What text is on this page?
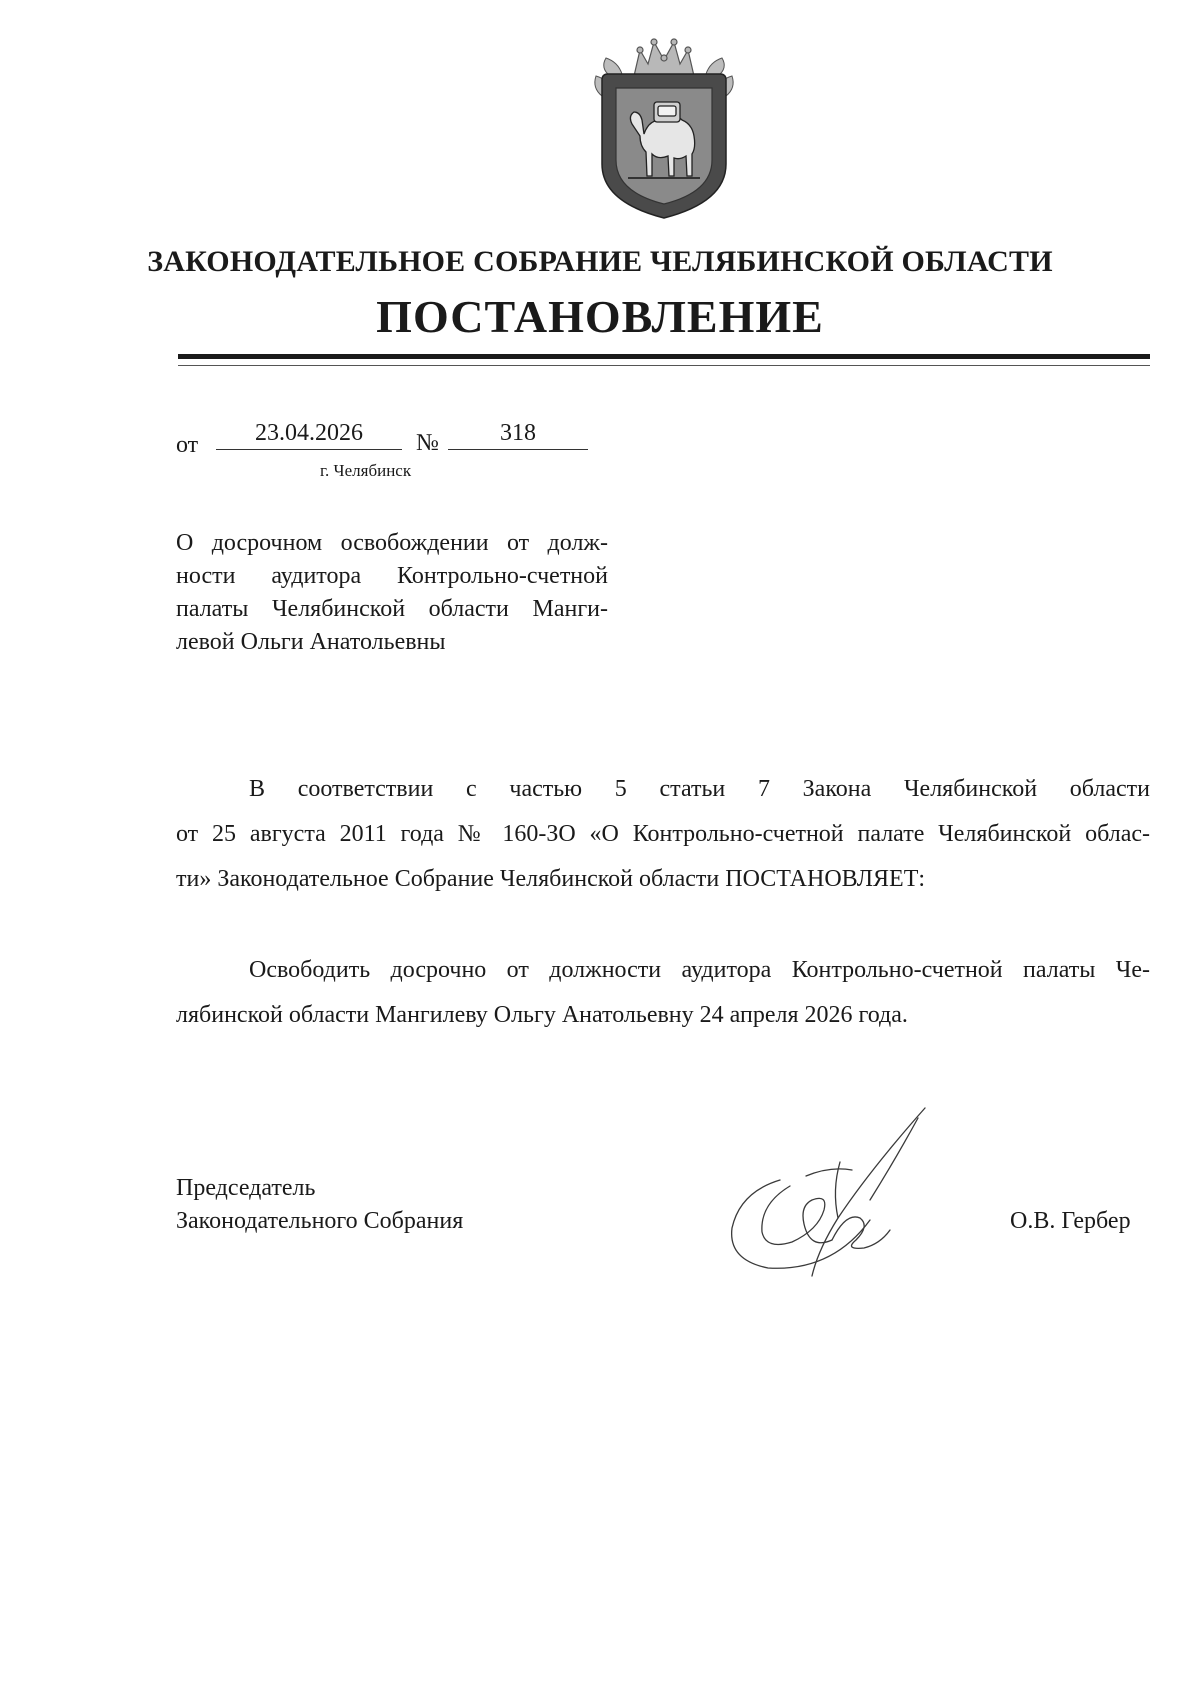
ЗАКОНОДАТЕЛЬНОЕ СОБРАНИЕ ЧЕЛЯБИНСКОЙ ОБЛАСТИ
ПОСТАНОВЛЕНИЕ
от	23.04.2026	№	318
г. Челябинск
О досрочном освобождении от долж-
ности аудитора Контрольно-счетной
палаты Челябинской области Манги-
левой Ольги Анатольевны
В соответствии с частью 5 статьи 7 Закона Челябинской области
от 25 августа 2011 года № 160-ЗО «О Контрольно-счетной палате Челябинской облас-
ти» Законодательное Собрание Челябинской области ПОСТАНОВЛЯЕТ:
Освободить досрочно от должности аудитора Контрольно-счетной палаты Че-
лябинской области Мангилеву Ольгу Анатольевну 24 апреля 2026 года.
Председатель
Законодательного Собрания	О.В. Гербер
